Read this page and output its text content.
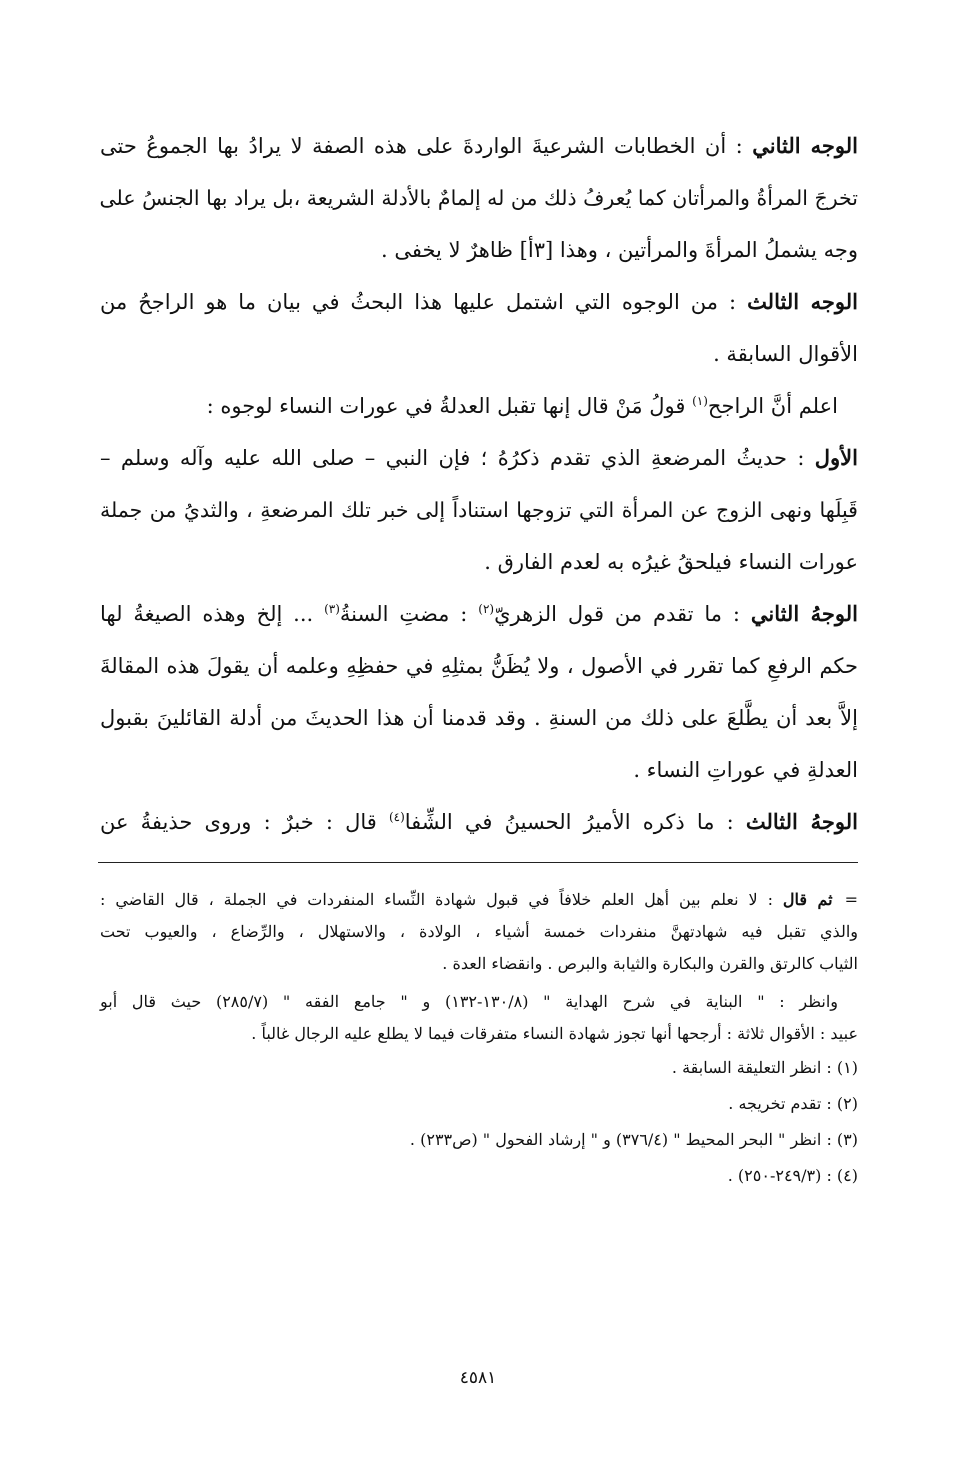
الوجه الثاني : أن الخطابات الشرعيةَ الواردةَ على هذه الصفة لا يرادُ بها الجموعُ حتى
تخرجَ المرأةُ والمرأتان كما يُعرفُ ذلك من له إلمامٌ بالأدلة الشريعة ،بل يراد بها الجنسُ على
وجه يشملُ المرأةَ والمرأتين ، وهذا [٣أ] ظاهرٌ لا يخفى .
الوجه الثالث : من الوجوه التي اشتمل عليها هذا البحثُ في بيان ما هو الراجحُ من
الأقوال السابقة .
اعلم أنَّ الراجح$^{(١)}$ قولُ مَنْ قال إنها تقبل العدلةُ في عورات النساء لوجوه :
الأول : حديثُ المرضعةِ الذي تقدم ذكرُهُ ؛ فإن النبي – صلى الله عليه وآله وسلم –
قَبِلَها ونهى الزوج عن المرأة التي تزوجها استناداً إلى خبر تلك المرضعةِ ، والثديُ من جملة
عورات النساء فيلحقُ غيرُه به لعدم الفارق .
الوجهُ الثاني : ما تقدم من قول الزهريّ$^{(٢)}$ : مضتِ السنةُ$^{(٣)}$ ... إلخ وهذه الصيغةُ لها
حكم الرفعِ كما تقرر في الأصول ، ولا يُظَنُّ بمثلِهِ في حفظِهِ وعلمه أن يقولَ هذه المقالةَ
إلاَّ بعد أن يطَّلعَ على ذلك من السنةِ . وقد قدمنا أن هذا الحديثَ من أدلة القائلينَ بقبول
العدلةِ في عوراتِ النساء .
الوجهُ الثالث : ما ذكره الأميرُ الحسينُ في الشِّفا$^{(٤)}$ قال : خبرٌ : وروى حذيفةُ عن
=ثم قال : لا نعلم بين أهل العلم خلافاً في قبول شهادة النِّساء المنفردات في الجملة ، قال القاضي :
والذي تقبل فيه شهادتهنَّ منفردات خمسة أشياء ، الولادة ، والاستهلال ، والرِّضاع ، والعيوب تحت
الثياب كالرتق والقرن والبكارة والثيابة والبرص . وانقضاء العدة .
وانظر : " البناية في شرح الهداية " (١٣٠/٨-١٣٢) و " جامع الفقه " (٢٨٥/٧) حيث قال أبو
عبيد : الأقوال ثلاثة : أرجحها أنها تجوز شهادة النساء متفرقات فيما لا يطلع عليه الرجال غالباً .
(١) : انظر التعليقة السابقة .
(٢) : تقدم تخريجه .
(٣) : انظر " البحر المحيط " (٣٧٦/٤) و " إرشاد الفحول " (ص٢٣٣) .
(٤) : (٢٤٩/٣-٢٥٠) .
٤٥٨١
